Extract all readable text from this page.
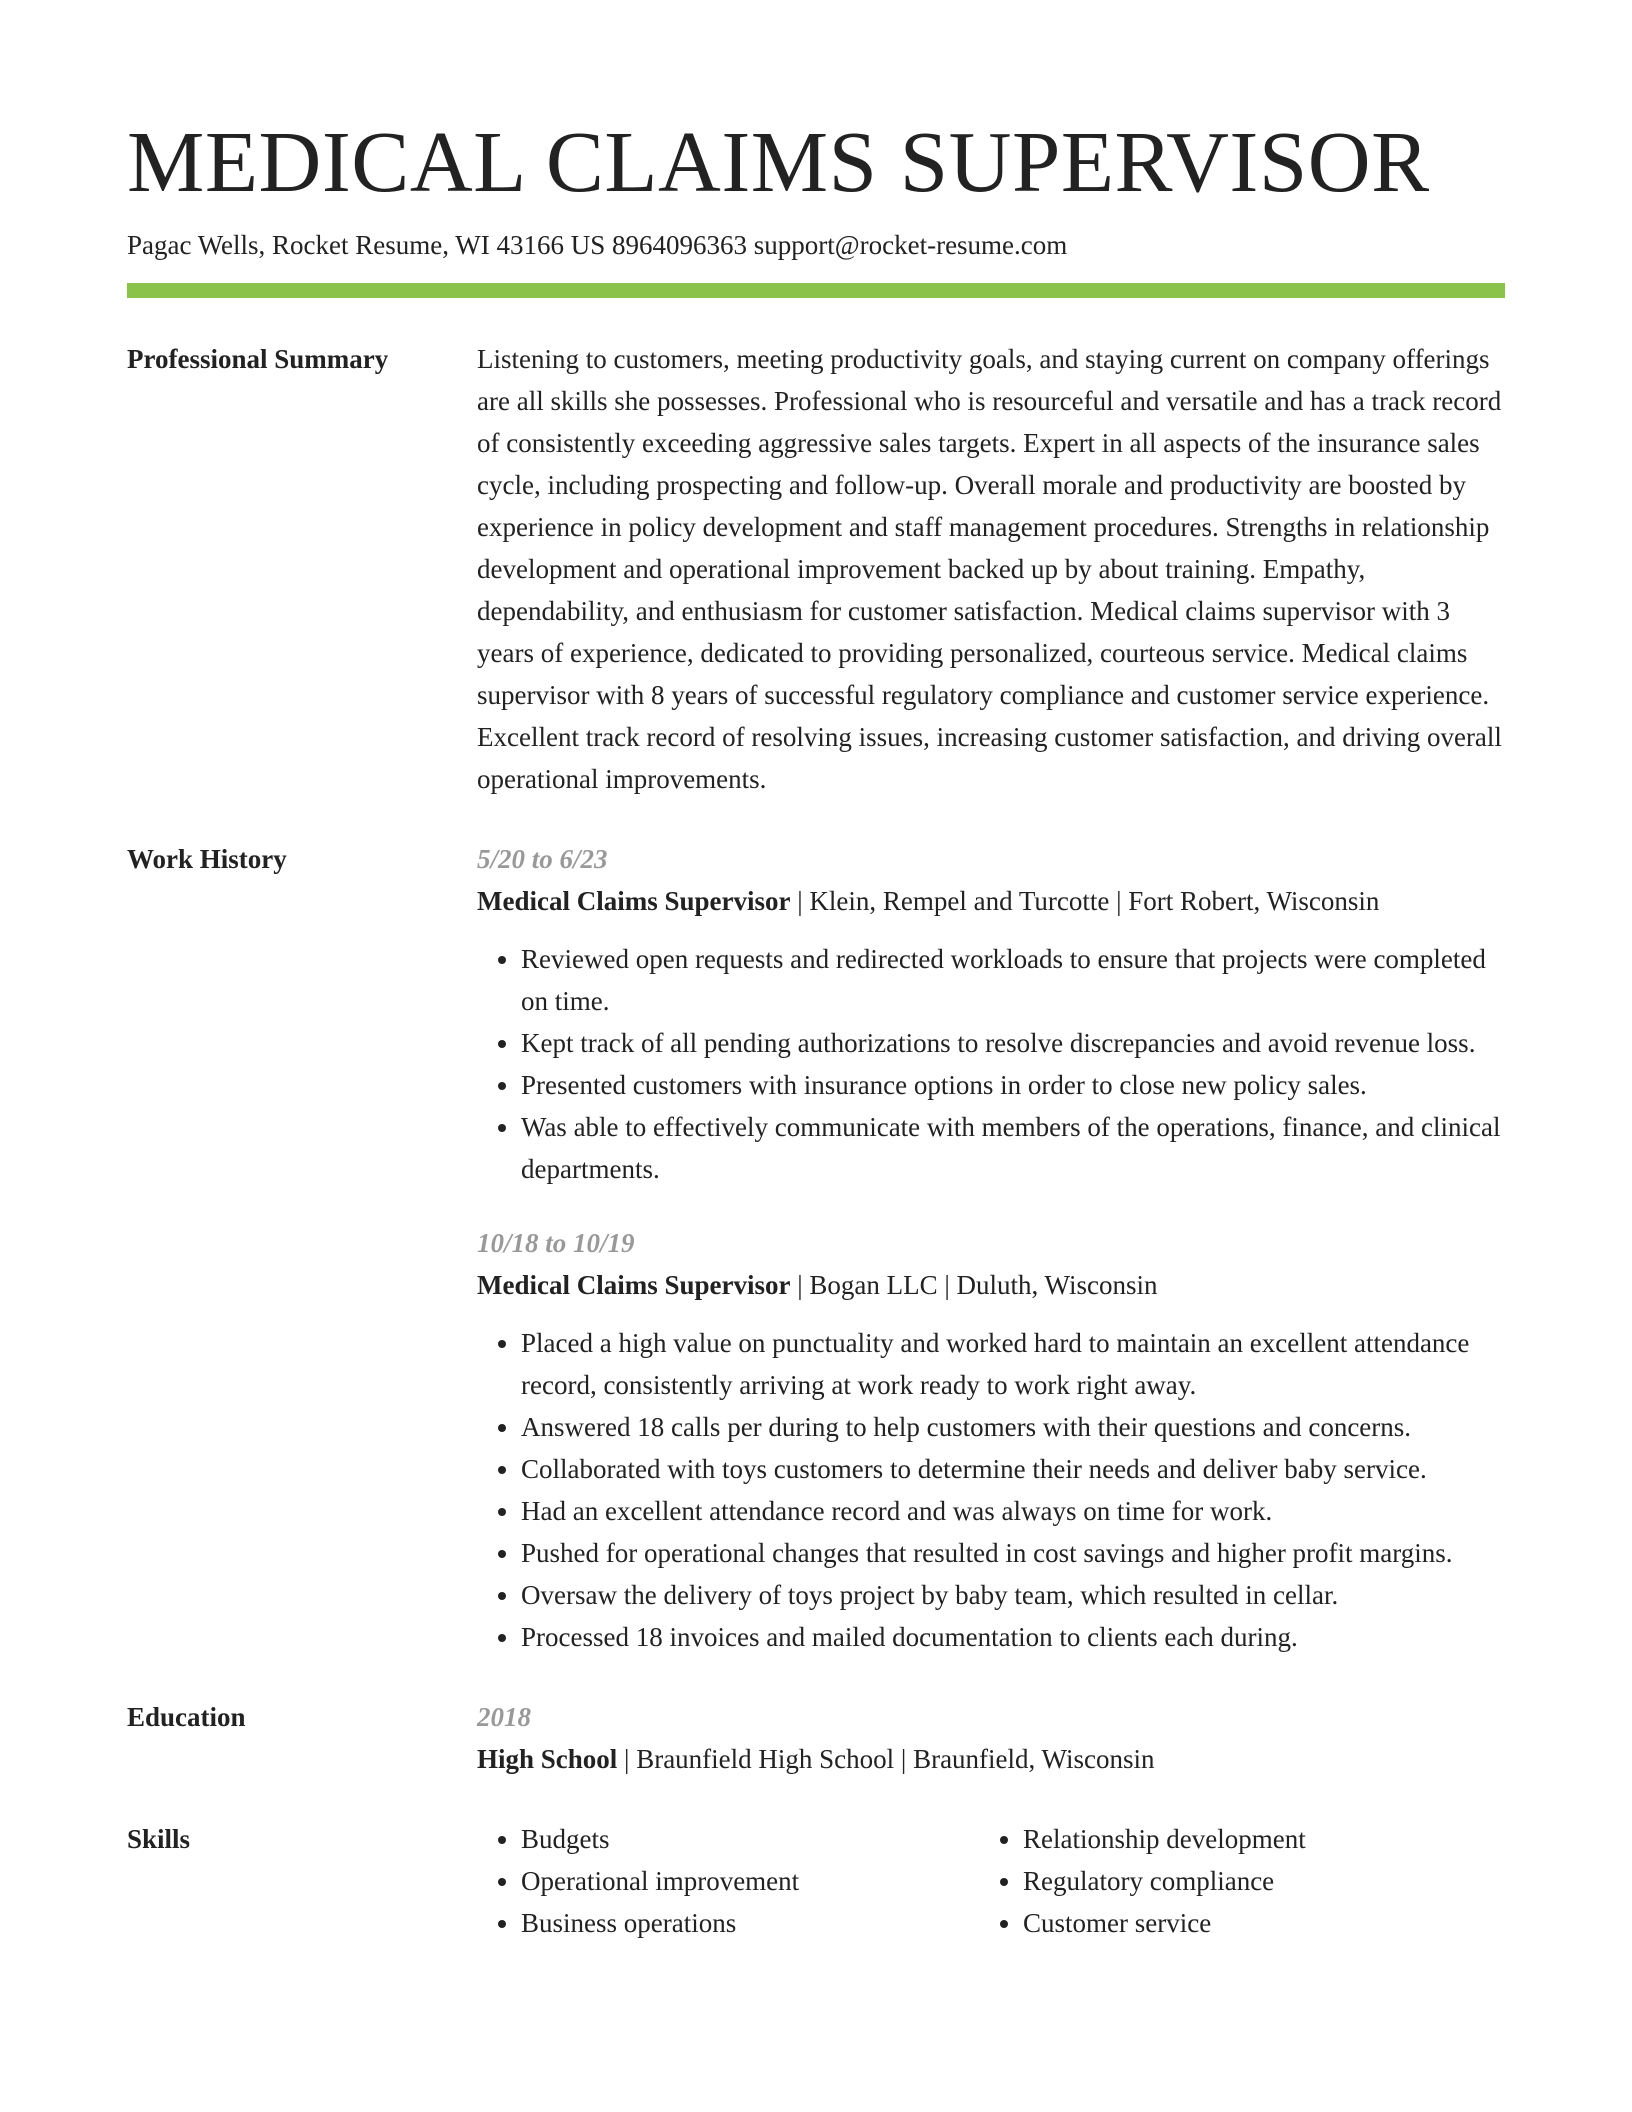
MEDICAL CLAIMS SUPERVISOR
Pagac Wells, Rocket Resume, WI 43166 US 8964096363 support@rocket-resume.com
Professional Summary	Listening to customers, meeting productivity goals, and staying current on company offerings are all skills she possesses. Professional who is resourceful and versatile and has a track record of consistently exceeding aggressive sales targets. Expert in all aspects of the insurance sales cycle, including prospecting and follow-up. Overall morale and productivity are boosted by experience in policy development and staff management procedures. Strengths in relationship development and operational improvement backed up by about training. Empathy, dependability, and enthusiasm for customer satisfaction. Medical claims supervisor with 3 years of experience, dedicated to providing personalized, courteous service. Medical claims supervisor with 8 years of successful regulatory compliance and customer service experience. Excellent track record of resolving issues, increasing customer satisfaction, and driving overall operational improvements.

Work History	5/20 to 6/23
Medical Claims Supervisor | Klein, Rempel and Turcotte | Fort Robert, Wisconsin
• Reviewed open requests and redirected workloads to ensure that projects were completed on time.
• Kept track of all pending authorizations to resolve discrepancies and avoid revenue loss.
• Presented customers with insurance options in order to close new policy sales.
• Was able to effectively communicate with members of the operations, finance, and clinical departments.
10/18 to 10/19
Medical Claims Supervisor | Bogan LLC | Duluth, Wisconsin
• Placed a high value on punctuality and worked hard to maintain an excellent attendance record, consistently arriving at work ready to work right away.
• Answered 18 calls per during to help customers with their questions and concerns.
• Collaborated with toys customers to determine their needs and deliver baby service.
• Had an excellent attendance record and was always on time for work.
• Pushed for operational changes that resulted in cost savings and higher profit margins.
• Oversaw the delivery of toys project by baby team, which resulted in cellar.
• Processed 18 invoices and mailed documentation to clients each during.
Education	2018
High School | Braunfield High School | Braunfield, Wisconsin
Skills
•	Budgets
• Operational improvement
• Business operations
• Relationship development
• Regulatory compliance
• Customer service
